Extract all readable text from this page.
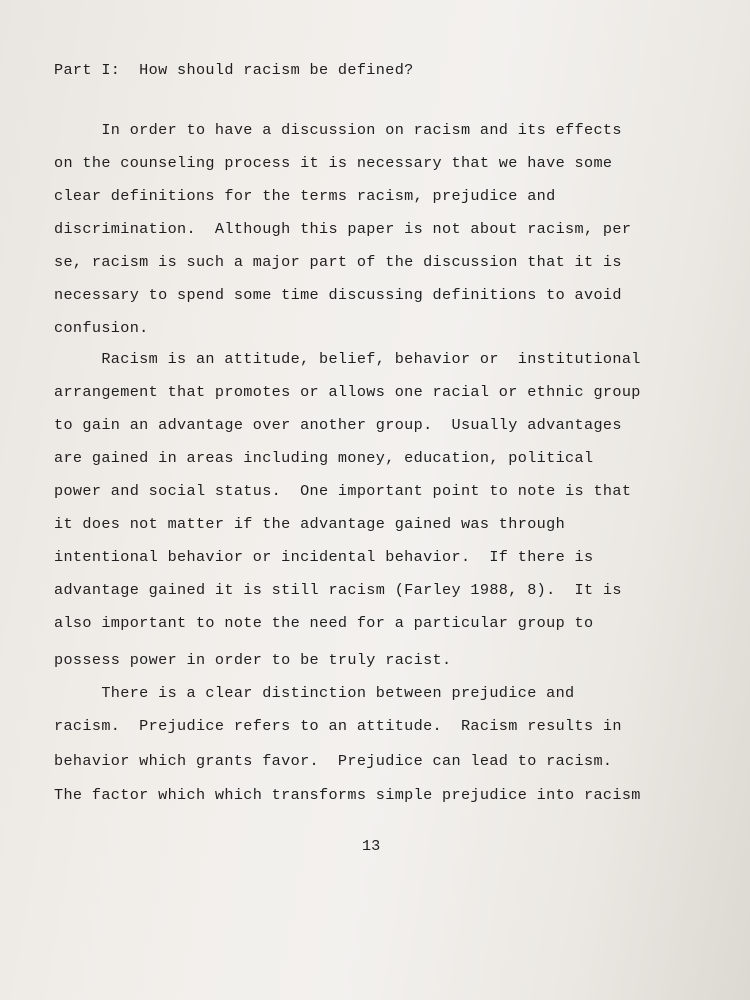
Part I:  How should racism be defined?
In order to have a discussion on racism and its effects
on the counseling process it is necessary that we have some
clear definitions for the terms racism, prejudice and
discrimination.  Although this paper is not about racism, per
se, racism is such a major part of the discussion that it is
necessary to spend some time discussing definitions to avoid
confusion.
Racism is an attitude, belief, behavior or  institutional
arrangement that promotes or allows one racial or ethnic group
to gain an advantage over another group.  Usually advantages
are gained in areas including money, education, political
power and social status.  One important point to note is that
it does not matter if the advantage gained was through
intentional behavior or incidental behavior.  If there is
advantage gained it is still racism (Farley 1988, 8).  It is
also important to note the need for a particular group to
possess power in order to be truly racist.
There is a clear distinction between prejudice and
racism.  Prejudice refers to an attitude.  Racism results in
behavior which grants favor.  Prejudice can lead to racism.
The factor which which transforms simple prejudice into racism
13
